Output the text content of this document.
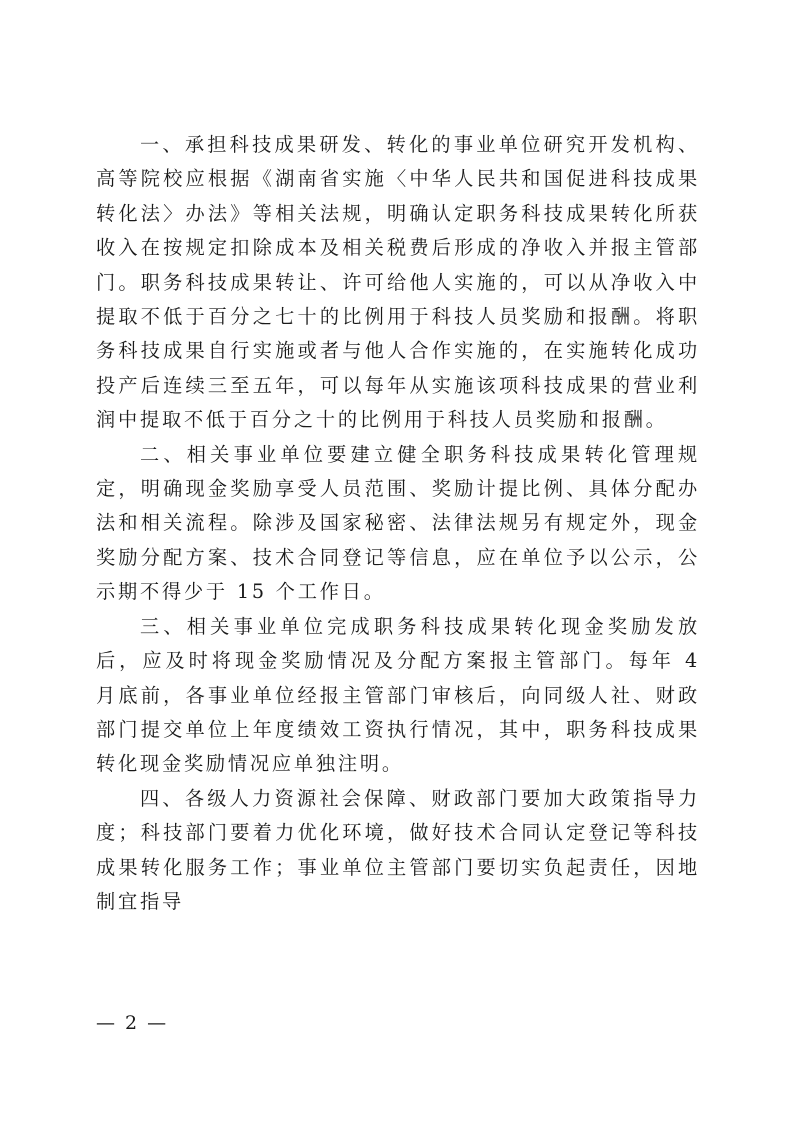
一、承担科技成果研发、转化的事业单位研究开发机构、高等院校应根据《湖南省实施〈中华人民共和国促进科技成果转化法〉办法》等相关法规，明确认定职务科技成果转化所获收入在按规定扣除成本及相关税费后形成的净收入并报主管部门。职务科技成果转让、许可给他人实施的，可以从净收入中提取不低于百分之七十的比例用于科技人员奖励和报酬。将职务科技成果自行实施或者与他人合作实施的，在实施转化成功投产后连续三至五年，可以每年从实施该项科技成果的营业利润中提取不低于百分之十的比例用于科技人员奖励和报酬。

二、相关事业单位要建立健全职务科技成果转化管理规定，明确现金奖励享受人员范围、奖励计提比例、具体分配办法和相关流程。除涉及国家秘密、法律法规另有规定外，现金奖励分配方案、技术合同登记等信息，应在单位予以公示，公示期不得少于 15 个工作日。

三、相关事业单位完成职务科技成果转化现金奖励发放后，应及时将现金奖励情况及分配方案报主管部门。每年 4 月底前，各事业单位经报主管部门审核后，向同级人社、财政部门提交单位上年度绩效工资执行情况，其中，职务科技成果转化现金奖励情况应单独注明。

四、各级人力资源社会保障、财政部门要加大政策指导力度；科技部门要着力优化环境，做好技术合同认定登记等科技成果转化服务工作；事业单位主管部门要切实负起责任，因地制宜指导

— 2 —
